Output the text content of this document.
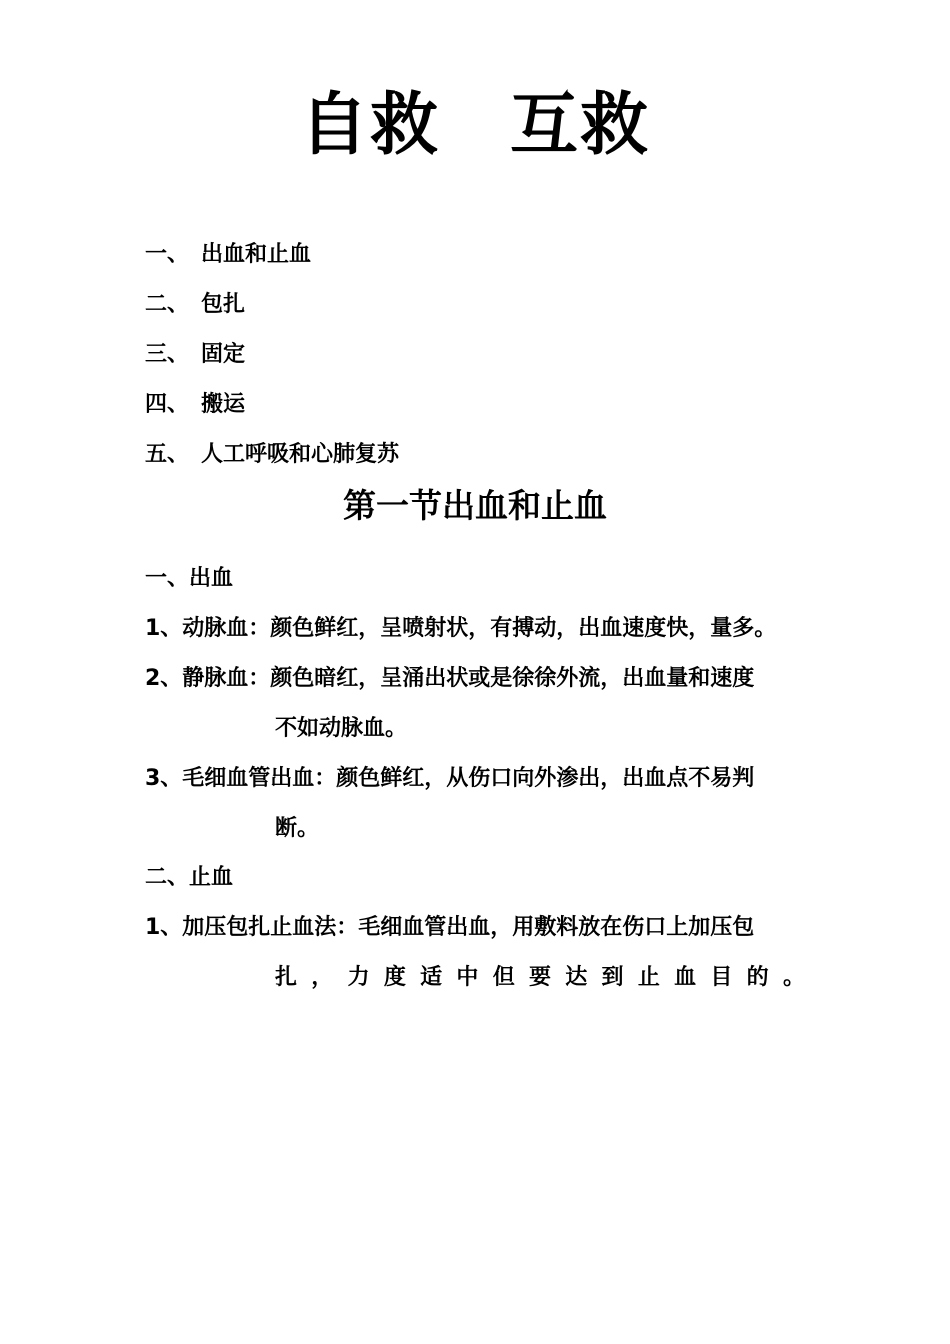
自救　互救
一、 出血和止血
二、 包扎
三、 固定
四、 搬运
五、 人工呼吸和心肺复苏
第一节出血和止血
一、出血
1、动脉血：颜色鲜红，呈喷射状，有搏动，出血速度快，量多。
2、静脉血：颜色暗红，呈涌出状或是徐徐外流，出血量和速度
不如动脉血。
3、毛细血管出血：颜色鲜红，从伤口向外渗出，出血点不易判
断。
二、止血
1、加压包扎止血法：毛细血管出血，用敷料放在伤口上加压包
扎 ， 力 度 适 中 但 要 达 到 止 血 目 的 。
